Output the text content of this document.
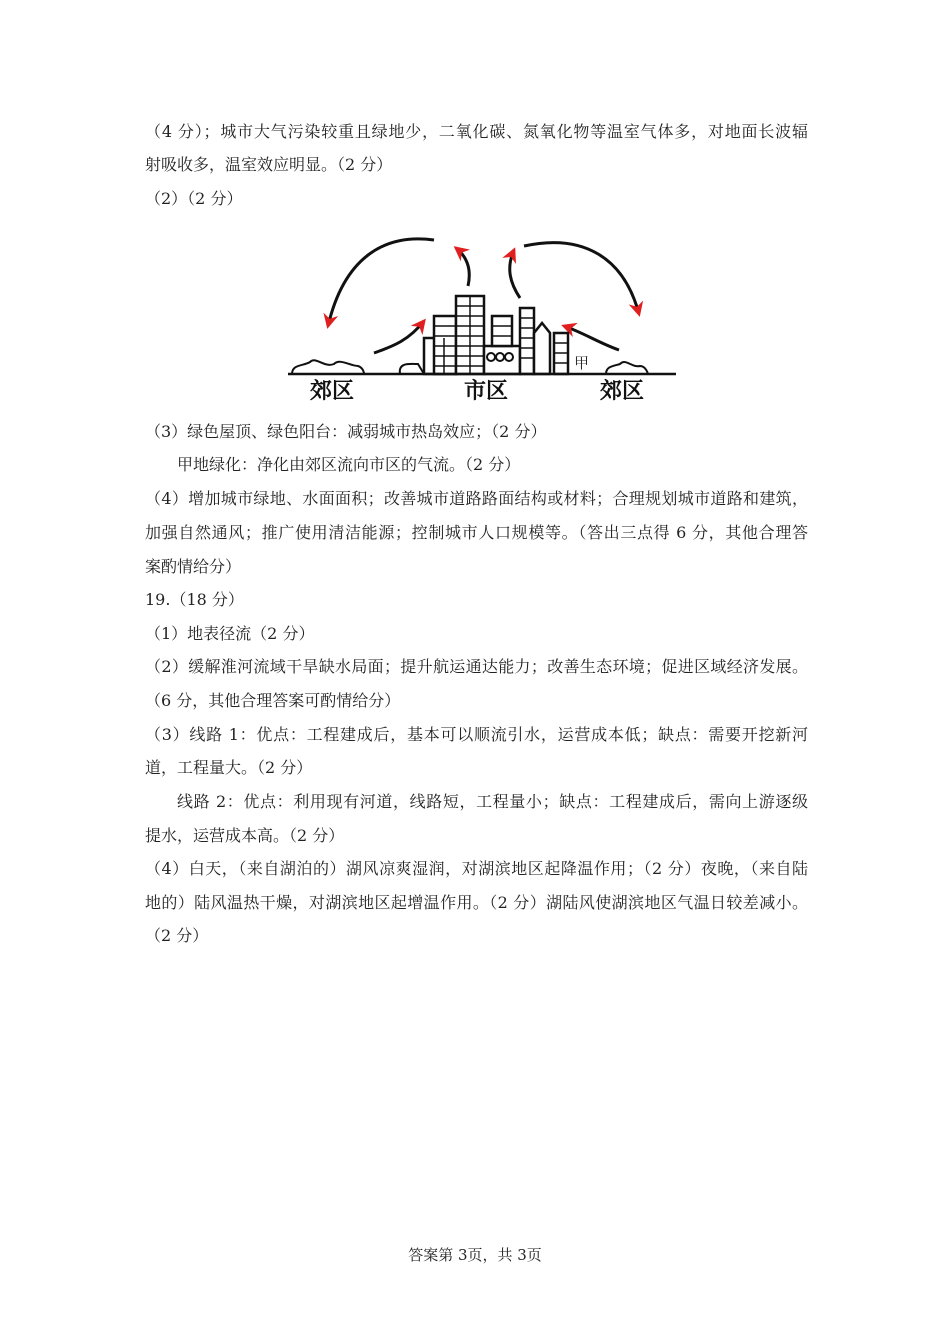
（4 分）；城市大气污染较重且绿地少，二氧化碳、氮氧化物等温室气体多，对地面长波辐
射吸收多，温室效应明显。（2 分）
（2）（2 分）
甲
郊区	市区	郊区
（3）绿色屋顶、绿色阳台：减弱城市热岛效应；（2 分）
甲地绿化：净化由郊区流向市区的气流。（2 分）
（4）增加城市绿地、水面面积；改善城市道路路面结构或材料；合理规划城市道路和建筑，
加强自然通风；推广使用清洁能源；控制城市人口规模等。（答出三点得 6 分，其他合理答
案酌情给分）
19.（18 分）
（1）地表径流（2 分）
（2）缓解淮河流域干旱缺水局面；提升航运通达能力；改善生态环境；促进区域经济发展。
（6 分，其他合理答案可酌情给分）
（3）线路 1：优点：工程建成后，基本可以顺流引水，运营成本低；缺点：需要开挖新河
道，工程量大。（2 分）
线路 2：优点：利用现有河道，线路短，工程量小；缺点：工程建成后，需向上游逐级
提水，运营成本高。（2 分）
（4）白天，（来自湖泊的）湖风凉爽湿润，对湖滨地区起降温作用；（2 分）夜晚，（来自陆
地的）陆风温热干燥，对湖滨地区起增温作用。（2 分）湖陆风使湖滨地区气温日较差减小。
（2 分）
答案第 3页，共 3页
